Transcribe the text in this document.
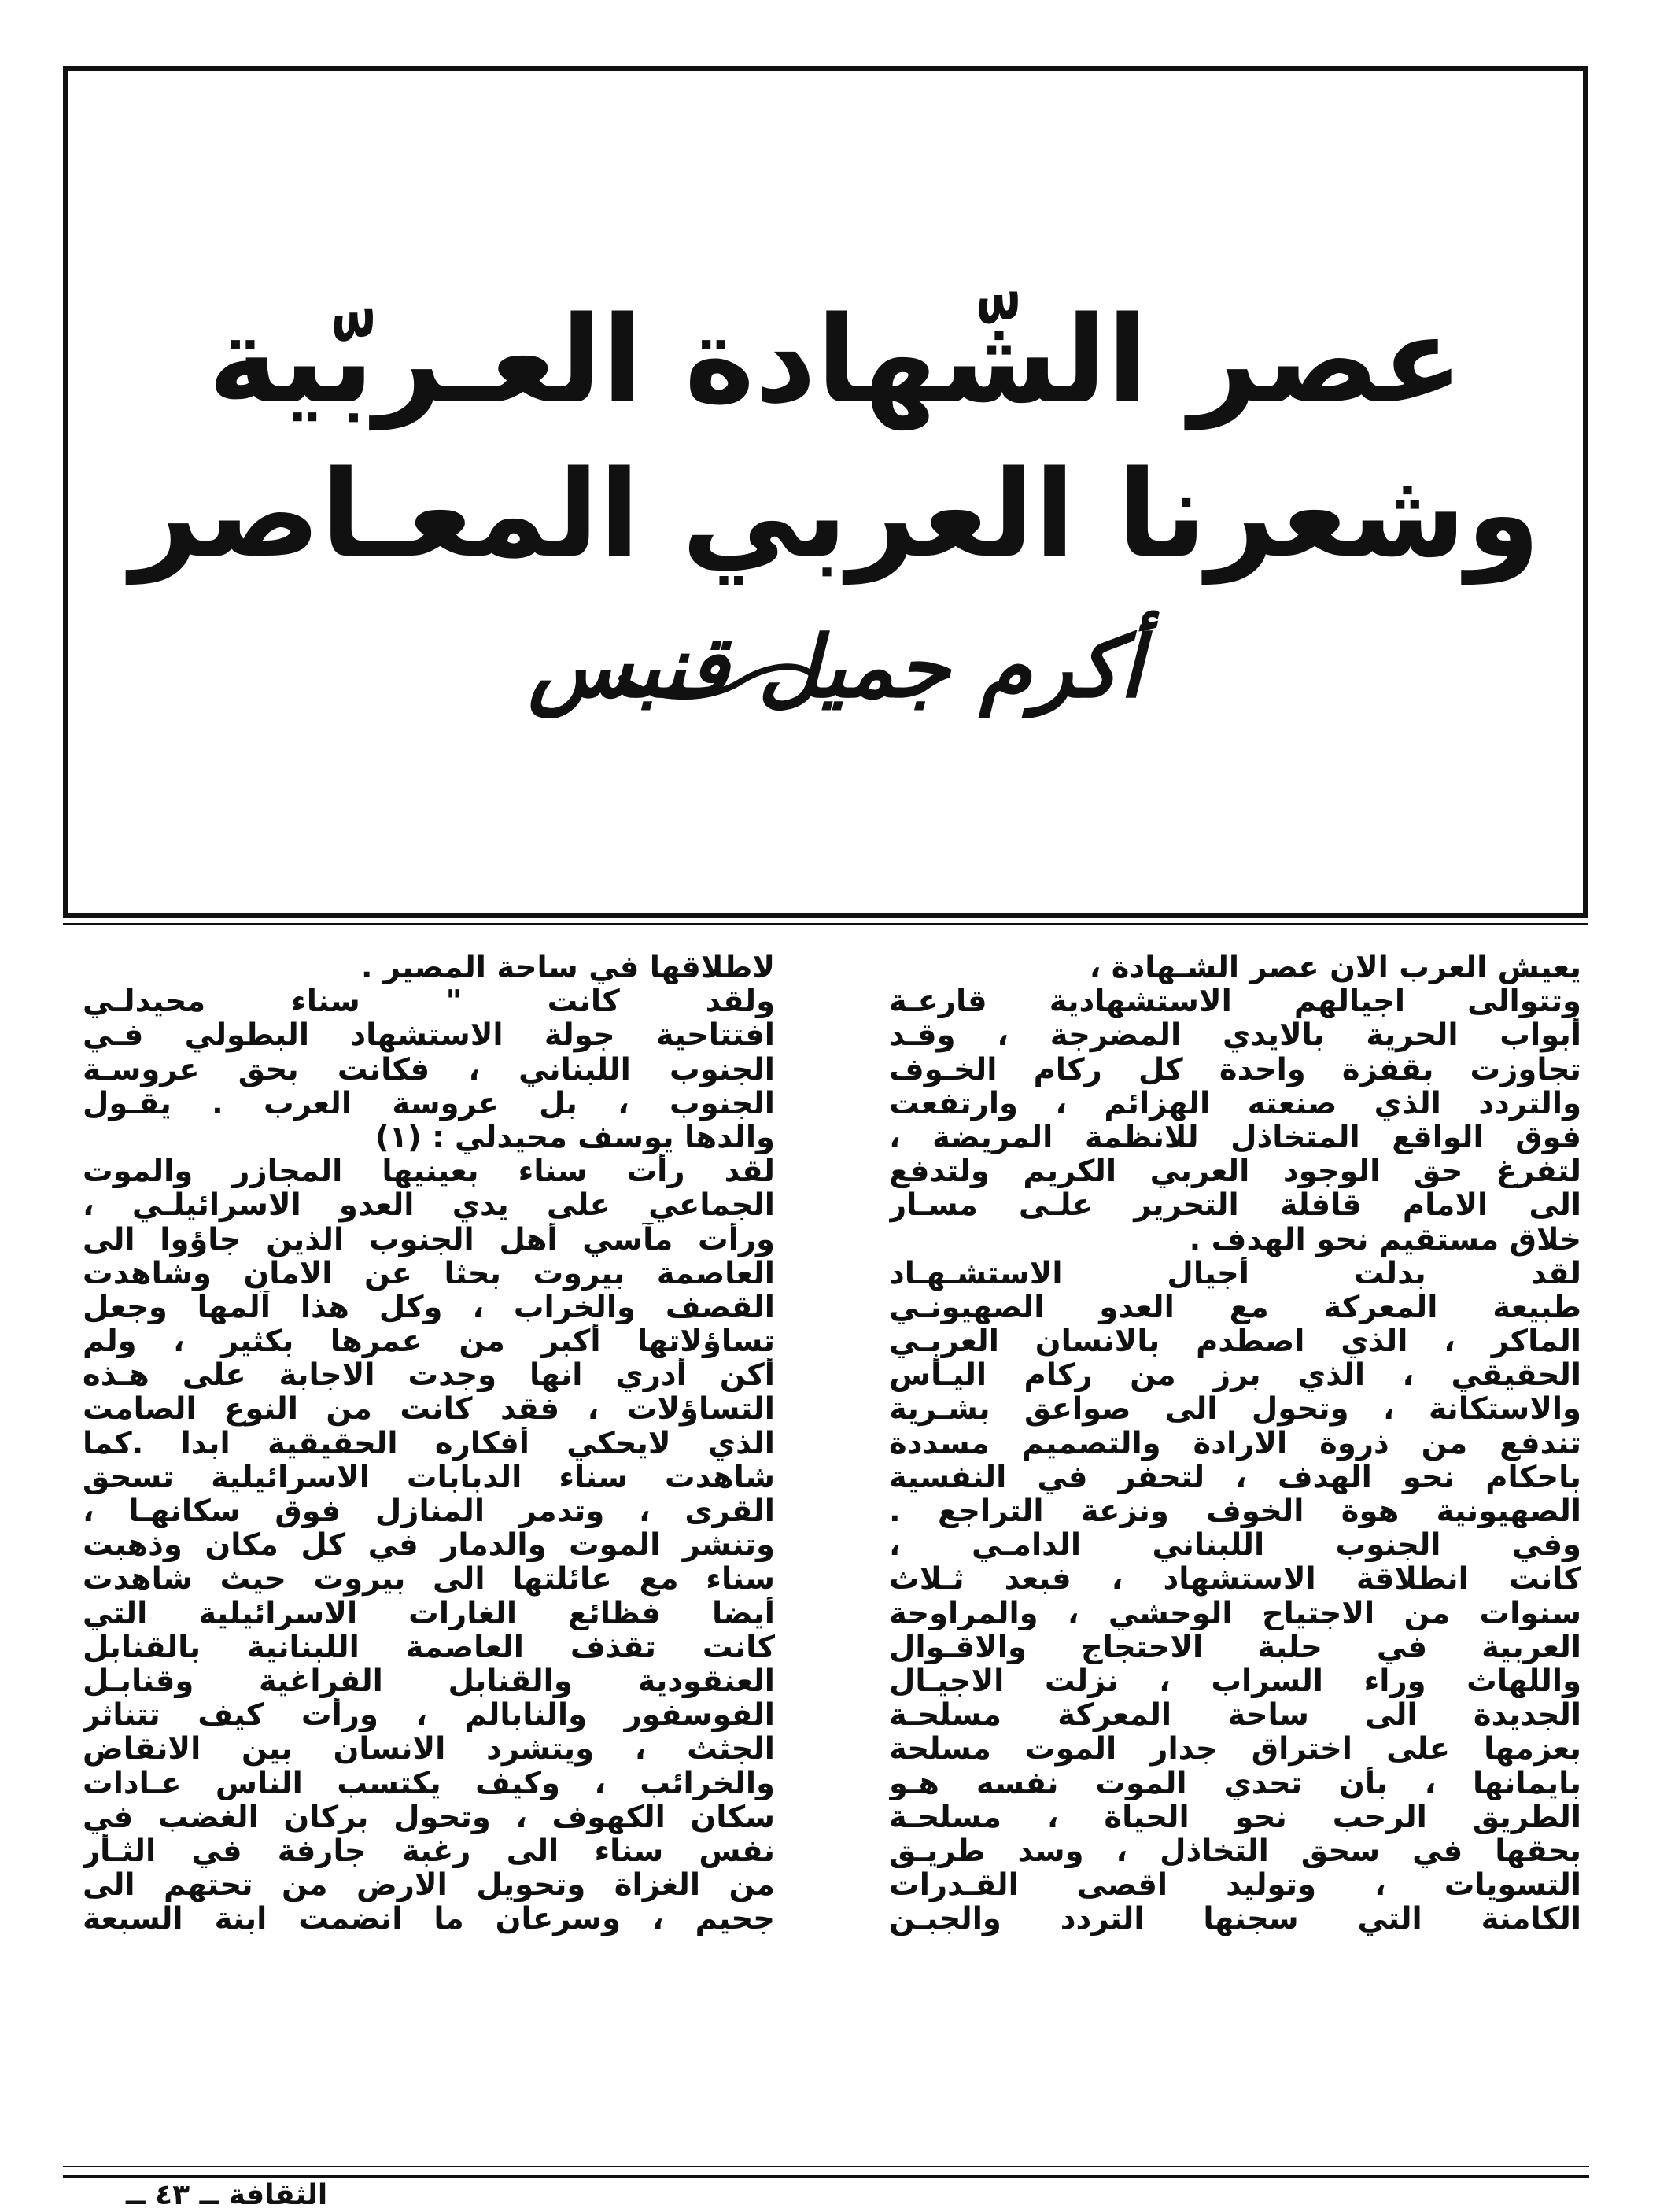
عصر الشّهادة العـربّية
وشعرنا العربي المعـاصر
أكرم جميل قنبس
يعيش العرب الان عصر الشـهادة ،
وتتوالى اجيالهم الاستشهادية قارعـة
أبواب الحرية بالايدي المضرجة ، وقـد
تجاوزت بقفزة واحدة كل ركام الخـوف
والتردد الذي صنعته الهزائم ، وارتفعت
فوق الواقع المتخاذل للانظمة المريضة ،
لتفرغ حق الوجود العربي الكريم ولتدفع
الى الامام قافلة التحرير علـى مسـار
خلاق مستقيم نحو الهدف .
لقد بدلت أجيال الاستشـهـاد
طبيعة المعركة مع العدو الصهيونـي
الماكر ، الذي اصطدم بالانسان العربـي
الحقيقي ، الذي برز من ركام اليـأس
والاستكانة ، وتحول الى صواعق بشـرية
تندفع من ذروة الارادة والتصميم مسددة
باحكام نحو الهدف ، لتحفر في النفسية
الصهيونية هوة الخوف ونزعة التراجع .
وفي الجنوب اللبناني الدامـي ،
كانت انطلاقة الاستشهاد ، فبعد ثـلاث
سنوات من الاجتياح الوحشي ، والمراوحة
العربية في حلبة الاحتجاج والاقـوال
واللهاث وراء السراب ، نزلت الاجيـال
الجديدة الى ساحة المعركة مسلحـة
بعزمها على اختراق جدار الموت مسلحة
بايمانها ، بأن تحدي الموت نفسه هـو
الطريق الرحب نحو الحياة ، مسلحـة
بحقها في سحق التخاذل ، وسد طريـق
التسويات ، وتوليد اقصى القـدرات
الكامنة التي سجنها التردد والجبـن
لاطلاقها في ساحة المصير .
ولقد كانت " سناء محيدلـي
افتتاحية جولة الاستشهاد البطولي فـي
الجنوب اللبناني ، فكانت بحق عروسـة
الجنوب ، بل عروسة العرب . يقـول
والدها يوسف محيدلي : (١)
لقد رأت سناء بعينيها المجازر والموت
الجماعي على يدي العدو الاسرائيلـي ،
ورأت مآسي أهل الجنوب الذين جاؤوا الى
العاصمة بيروت بحثا عن الامان وشاهدت
القصف والخراب ، وكل هذا آلمها وجعل
تساؤلاتها أكبر من عمرها بكثير ، ولم
أكن أدري انها وجدت الاجابة على هـذه
التساؤلات ، فقد كانت من النوع الصامت
الذي لايحكي أفكاره الحقيقية ابدا .كما
شاهدت سناء الدبابات الاسرائيلية تسحق
القرى ، وتدمر المنازل فوق سكانهـا ،
وتنشر الموت والدمار في كل مكان وذهبت
سناء مع عائلتها الى بيروت حيث شاهدت
أيضا فظائع الغارات الاسرائيلية التي
كانت تقذف العاصمة اللبنانية بالقنابل
العنقودية والقنابل الفراغية وقنابـل
الفوسفور والنابالم ، ورأت كيف تتناثر
الجثث ، ويتشرد الانسان بين الانقاض
والخرائب ، وكيف يكتسب الناس عـادات
سكان الكهوف ، وتحول بركان الغضب في
نفس سناء الى رغبة جارفة في الثـأر
من الغزاة وتحويل الارض من تحتهم الى
جحيم ، وسرعان ما انضمت ابنة السبعة
الثقافة ــ ٤٣ ــ
